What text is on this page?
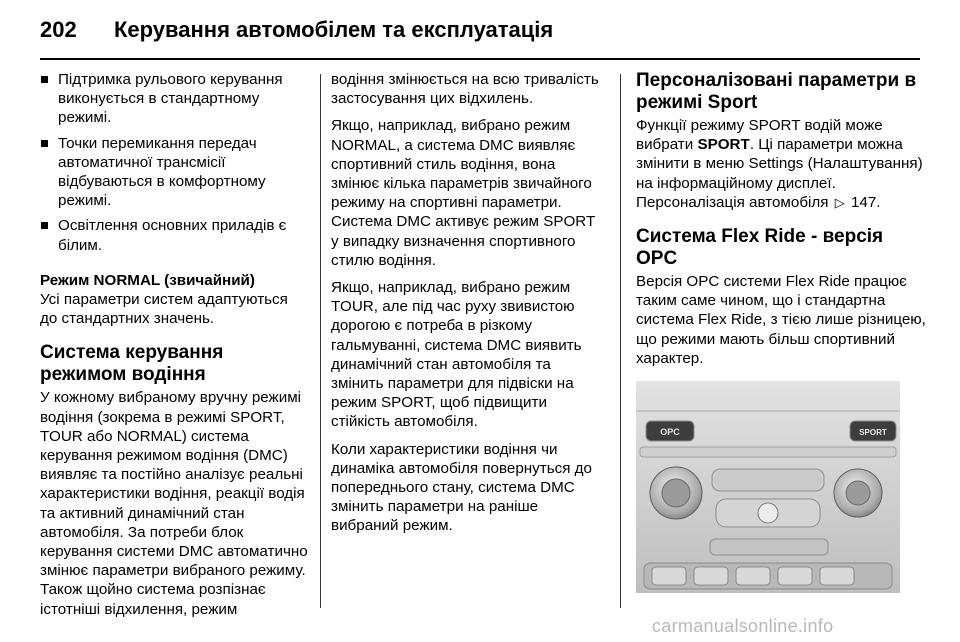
202	Керування автомобілем та експлуатація
Підтримка рульового керування виконується в стандартному режимі.
Точки перемикання передач автоматичної трансмісії відбуваються в комфортному режимі.
Освітлення основних приладів є білим.
Режим NORMAL (звичайний)

Усі параметри систем адаптуються до стандартних значень.

Система керування режимом водіння

У кожному вибраному вручну режимі водіння (зокрема в режимі SPORT, TOUR або NORMAL) система керування режимом водіння (DMC) виявляє та постійно аналізує реальні характеристики водіння, реакції водія та активний динамічний стан автомобіля. За потреби блок керування системи DMC автоматично змінює параметри вибраного режиму. Також щойно система розпізнає істотніші відхилення, режим

водіння змінюється на всю тривалість застосування цих відхилень.

Якщо, наприклад, вибрано режим NORMAL, а система DMC виявляє спортивний стиль водіння, вона змінює кілька параметрів звичайного режиму на спортивні параметри. Система DMC активує режим SPORT у випадку визначення спортивного стилю водіння.

Якщо, наприклад, вибрано режим TOUR, але під час руху звивистою дорогою є потреба в різкому гальмуванні, система DMC виявить динамічний стан автомобіля та змінить параметри для підвіски на режим SPORT, щоб підвищити стійкість автомобіля.

Коли характеристики водіння чи динаміка автомобіля повернуться до попереднього стану, система DMC змінить параметри на раніше вибраний режим.

Персоналізовані параметри в режимі Sport

Функції режиму SPORT водій може вибрати SPORT. Ці параметри можна змінити в меню Settings (Налаштування) на інформаційному дисплеї.
Персоналізація автомобіля ▷ 147.

Система Flex Ride - версія OPC

Версія OPC системи Flex Ride працює таким саме чином, що і стандартна система Flex Ride, з тією лише різницею, що режими мають більш спортивний характер.

OPC	SPORT
carmanualsonline.info
